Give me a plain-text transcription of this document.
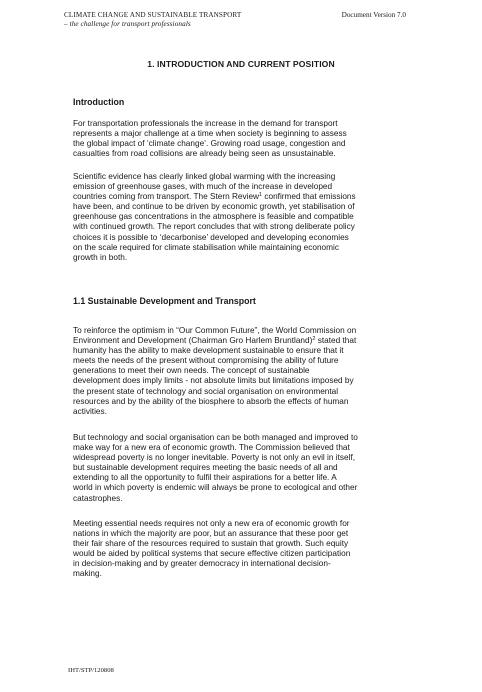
CLIMATE CHANGE AND SUSTAINABLE TRANSPORT
– the challenge for transport professionals
Document Version 7.0
1. INTRODUCTION AND CURRENT POSITION
Introduction
For transportation professionals the increase in the demand for transport
represents a major challenge at a time when society is beginning to assess
the global impact of ‘climate change’. Growing road usage, congestion and
casualties from road collisions are already being seen as unsustainable.
Scientific evidence has clearly linked global warming with the increasing
emission of greenhouse gases, with much of the increase in developed
countries coming from transport. The Stern Review$^1$ confirmed that emissions
have been, and continue to be driven by economic growth, yet stabilisation of
greenhouse gas concentrations in the atmosphere is feasible and compatible
with continued growth. The report concludes that with strong deliberate policy
choices it is possible to ‘decarbonise’ developed and developing economies
on the scale required for climate stabilisation while maintaining economic
growth in both.
1.1 Sustainable Development and Transport
To reinforce the optimism in “Our Common Future”, the World Commission on
Environment and Development (Chairman Gro Harlem Bruntland)$^2$ stated that
humanity has the ability to make development sustainable to ensure that it
meets the needs of the present without compromising the ability of future
generations to meet their own needs. The concept of sustainable
development does imply limits - not absolute limits but limitations imposed by
the present state of technology and social organisation on environmental
resources and by the ability of the biosphere to absorb the effects of human
activities.
But technology and social organisation can be both managed and improved to
make way for a new era of economic growth. The Commission believed that
widespread poverty is no longer inevitable. Poverty is not only an evil in itself,
but sustainable development requires meeting the basic needs of all and
extending to all the opportunity to fulfil their aspirations for a better life. A
world in which poverty is endemic will always be prone to ecological and other
catastrophes.
Meeting essential needs requires not only a new era of economic growth for
nations in which the majority are poor, but an assurance that these poor get
their fair share of the resources required to sustain that growth. Such equity
would be aided by political systems that secure effective citizen participation
in decision-making and by greater democracy in international decision-
making.
IHT/STP/120808
